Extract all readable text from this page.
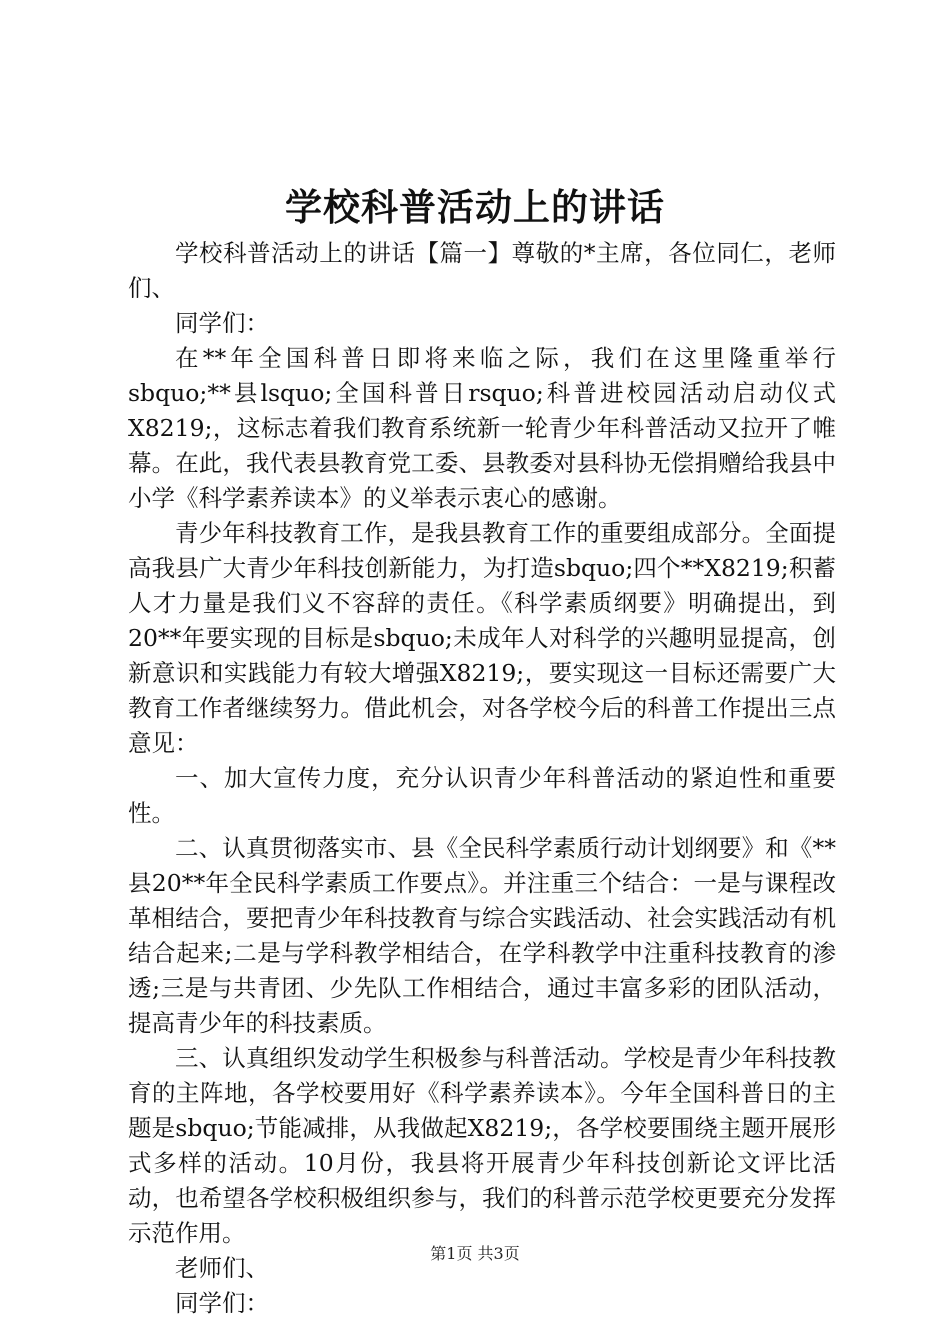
学校科普活动上的讲话

学校科普活动上的讲话【篇一】尊敬的*主席，各位同仁，老师们、

同学们：

在**年全国科普日即将来临之际，我们在这里隆重举行sbquo;**县lsquo;全国科普日rsquo;科普进校园活动启动仪式X8219;，这标志着我们教育系统新一轮青少年科普活动又拉开了帷幕。在此，我代表县教育党工委、县教委对县科协无偿捐赠给我县中小学《科学素养读本》的义举表示衷心的感谢。

青少年科技教育工作，是我县教育工作的重要组成部分。全面提高我县广大青少年科技创新能力，为打造sbquo;四个**X8219;积蓄人才力量是我们义不容辞的责任。《科学素质纲要》明确提出，到20**年要实现的目标是sbquo;未成年人对科学的兴趣明显提高，创新意识和实践能力有较大增强X8219;，要实现这一目标还需要广大教育工作者继续努力。借此机会，对各学校今后的科普工作提出三点意见：

一、加大宣传力度，充分认识青少年科普活动的紧迫性和重要性。

二、认真贯彻落实市、县《全民科学素质行动计划纲要》和《**县20**年全民科学素质工作要点》。并注重三个结合：一是与课程改革相结合，要把青少年科技教育与综合实践活动、社会实践活动有机结合起来;二是与学科教学相结合，在学科教学中注重科技教育的渗透;三是与共青团、少先队工作相结合，通过丰富多彩的团队活动，提高青少年的科技素质。

三、认真组织发动学生积极参与科普活动。学校是青少年科技教育的主阵地，各学校要用好《科学素养读本》。今年全国科普日的主题是sbquo;节能减排，从我做起X8219;，各学校要围绕主题开展形式多样的活动。10月份，我县将开展青少年科技创新论文评比活动，也希望各学校积极组织参与，我们的科普示范学校更要充分发挥示范作用。

老师们、

同学们：

第1页 共3页
